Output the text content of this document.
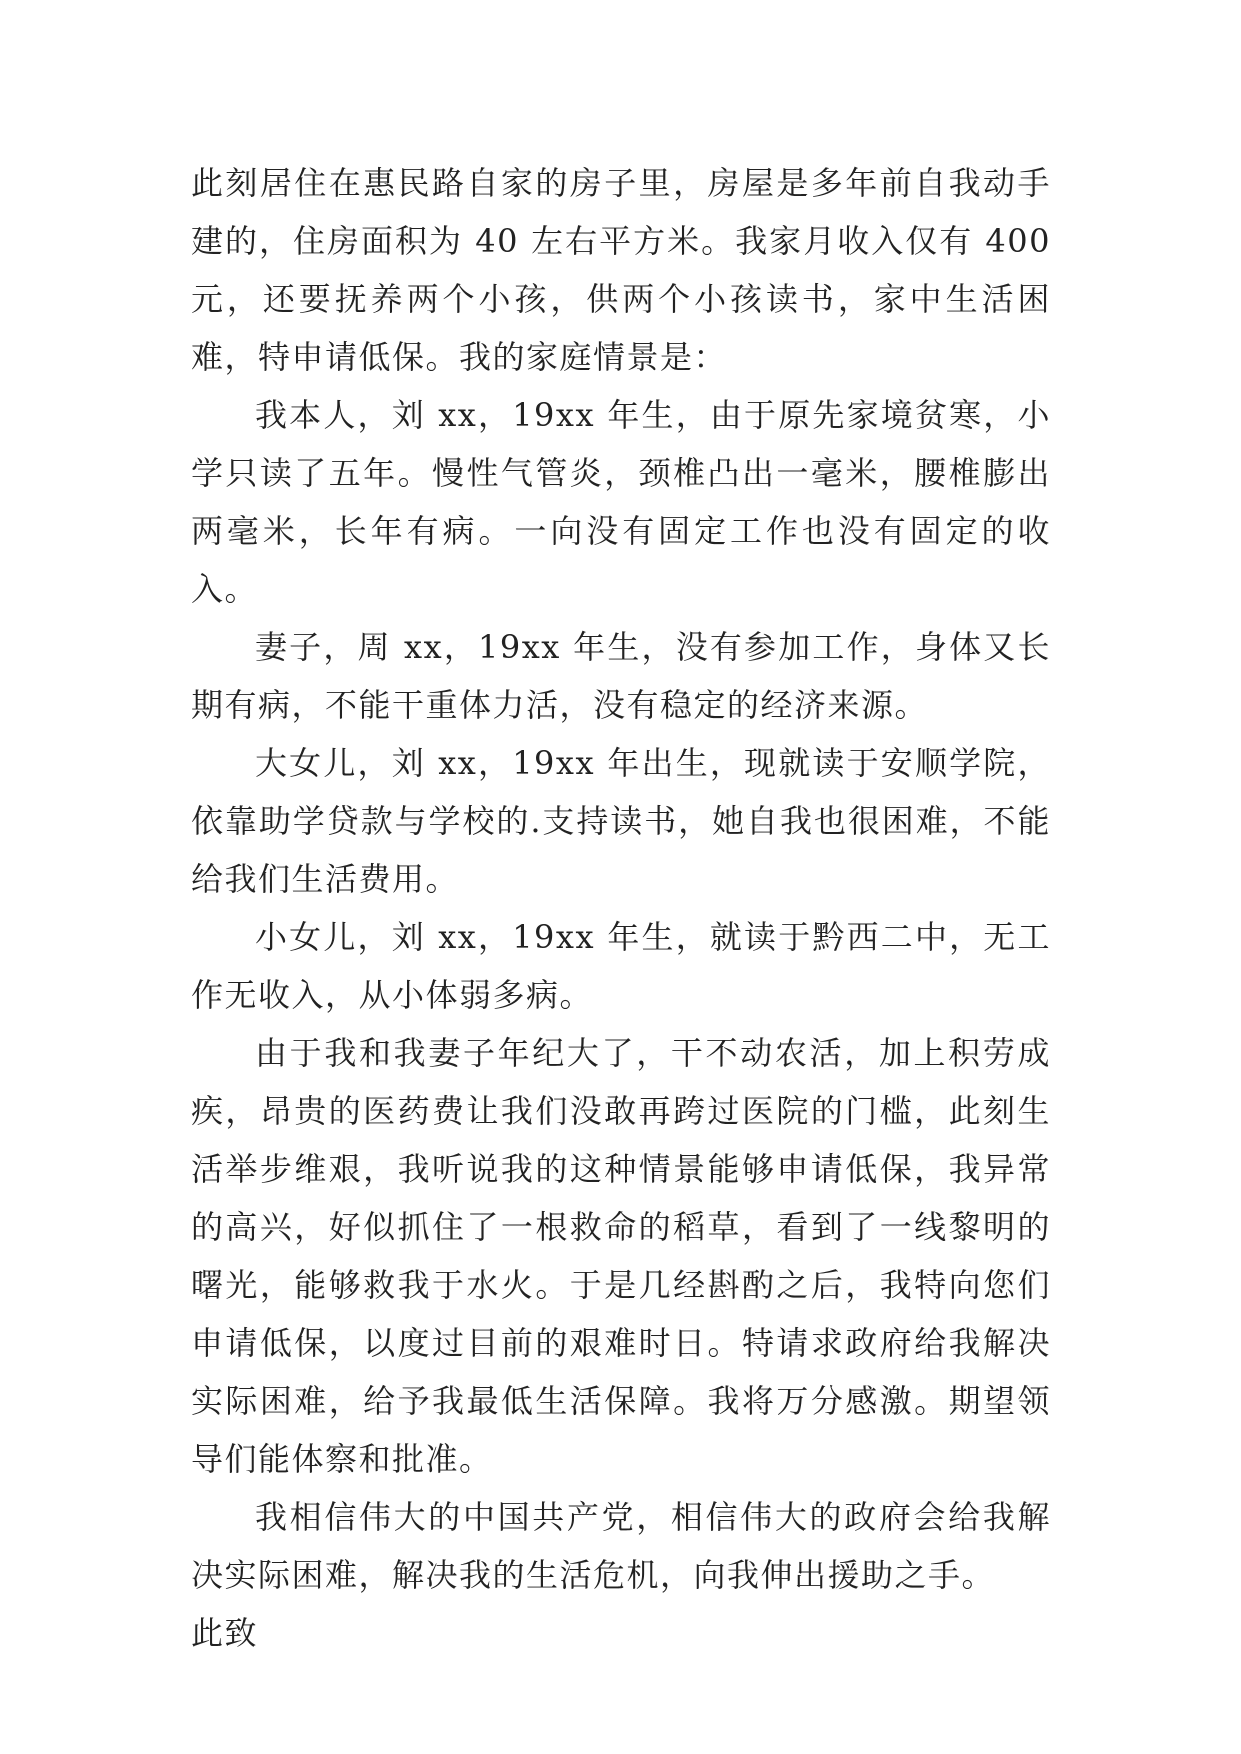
此刻居住在惠民路自家的房子里，房屋是多年前自我动手建的，住房面积为 40 左右平方米。我家月收入仅有 400 元，还要抚养两个小孩，供两个小孩读书，家中生活困难，特申请低保。我的家庭情景是：

我本人，刘 xx，19xx 年生，由于原先家境贫寒，小学只读了五年。慢性气管炎，颈椎凸出一毫米，腰椎膨出两毫米，长年有病。一向没有固定工作也没有固定的收入。

妻子，周 xx，19xx 年生，没有参加工作，身体又长期有病，不能干重体力活，没有稳定的经济来源。

大女儿，刘 xx，19xx 年出生，现就读于安顺学院，依靠助学贷款与学校的.支持读书，她自我也很困难，不能给我们生活费用。

小女儿，刘 xx，19xx 年生，就读于黔西二中，无工作无收入，从小体弱多病。

由于我和我妻子年纪大了，干不动农活，加上积劳成疾，昂贵的医药费让我们没敢再跨过医院的门槛，此刻生活举步维艰，我听说我的这种情景能够申请低保，我异常的高兴，好似抓住了一根救命的稻草，看到了一线黎明的曙光，能够救我于水火。于是几经斟酌之后，我特向您们申请低保，以度过目前的艰难时日。特请求政府给我解决实际困难，给予我最低生活保障。我将万分感激。期望领导们能体察和批准。

我相信伟大的中国共产党，相信伟大的政府会给我解决实际困难，解决我的生活危机，向我伸出援助之手。

此致
